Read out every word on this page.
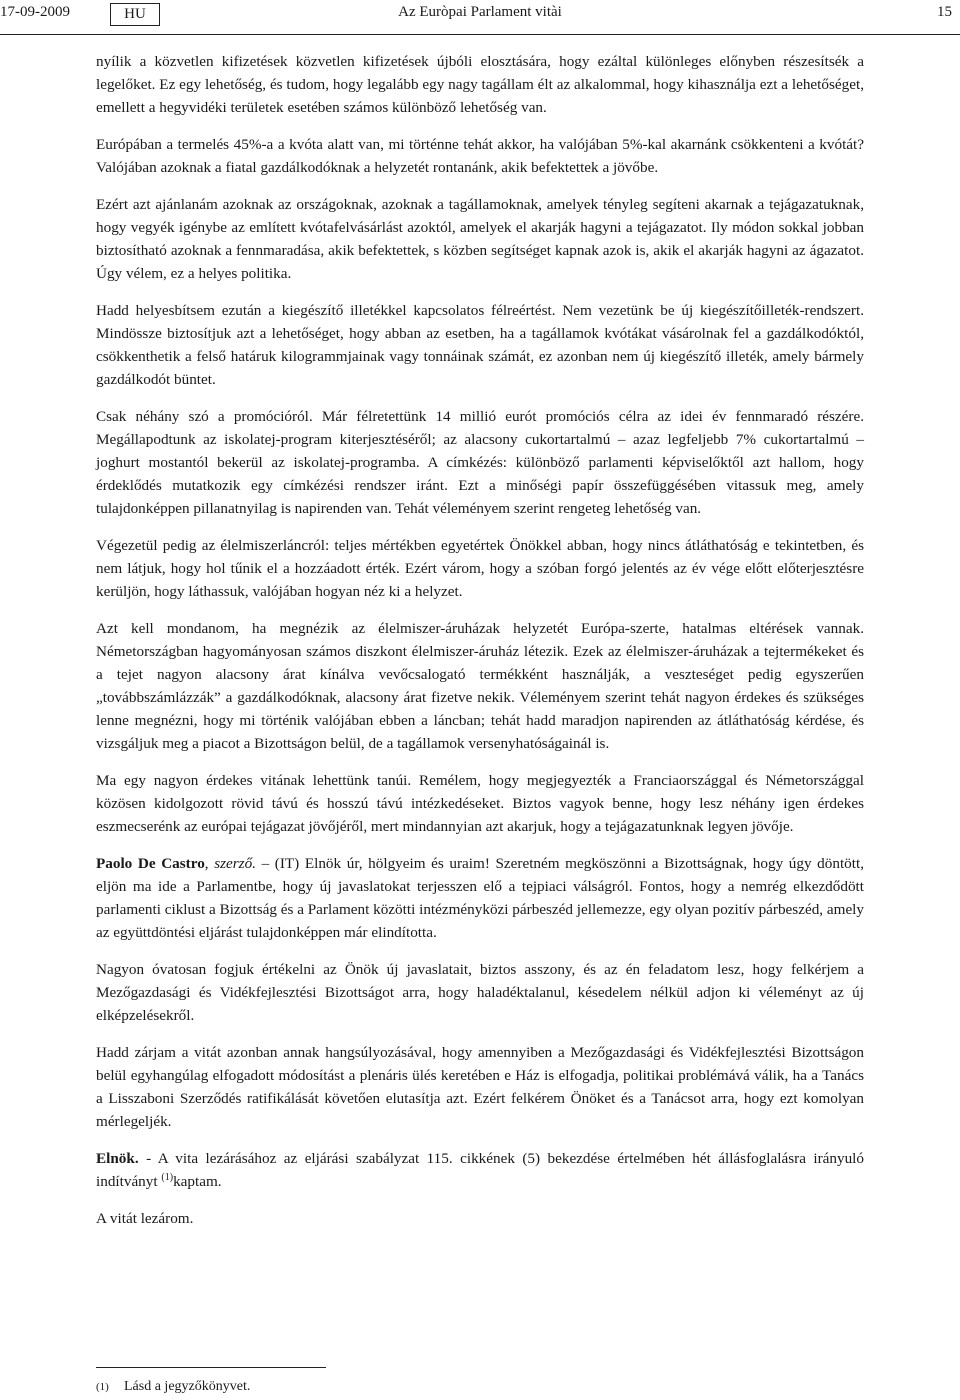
17-09-2009	HU	Az Euròpai Parlament vitài	15

nyílik a közvetlen kifizetések közvetlen kifizetések újbóli elosztására, hogy ezáltal különleges előnyben részesítsék a legelőket. Ez egy lehetőség, és tudom, hogy legalább egy nagy tagállam élt az alkalommal, hogy kihasználja ezt a lehetőséget, emellett a hegyvidéki területek esetében számos különböző lehetőség van.

Európában a termelés 45%-a a kvóta alatt van, mi történne tehát akkor, ha valójában 5%-kal akarnánk csökkenteni a kvótát? Valójában azoknak a fiatal gazdálkodóknak a helyzetét rontanánk, akik befektettek a jövőbe.

Ezért azt ajánlanám azoknak az országoknak, azoknak a tagállamoknak, amelyek tényleg segíteni akarnak a tejágazatuknak, hogy vegyék igénybe az említett kvótafelvásárlást azoktól, amelyek el akarják hagyni a tejágazatot. Ily módon sokkal jobban biztosítható azoknak a fennmaradása, akik befektettek, s közben segítséget kapnak azok is, akik el akarják hagyni az ágazatot. Úgy vélem, ez a helyes politika.

Hadd helyesbítsem ezután a kiegészítő illetékkel kapcsolatos félreértést. Nem vezetünk be új kiegészítőilleték-rendszert. Mindössze biztosítjuk azt a lehetőséget, hogy abban az esetben, ha a tagállamok kvótákat vásárolnak fel a gazdálkodóktól, csökkenthetik a felső határuk kilogrammjainak vagy tonnáinak számát, ez azonban nem új kiegészítő illeték, amely bármely gazdálkodót büntet.

Csak néhány szó a promócióról. Már félretettünk 14 millió eurót promóciós célra az idei év fennmaradó részére. Megállapodtunk az iskolatej-program kiterjesztéséről; az alacsony cukortartalmú – azaz legfeljebb 7% cukortartalmú – joghurt mostantól bekerül az iskolatej-programba. A címkézés: különböző parlamenti képviselőktől azt hallom, hogy érdeklődés mutatkozik egy címkézési rendszer iránt. Ezt a minőségi papír összefüggésében vitassuk meg, amely tulajdonképpen pillanatnyilag is napirenden van. Tehát véleményem szerint rengeteg lehetőség van.

Végezetül pedig az élelmiszerláncról: teljes mértékben egyetértek Önökkel abban, hogy nincs átláthatóság e tekintetben, és nem látjuk, hogy hol tűnik el a hozzáadott érték. Ezért várom, hogy a szóban forgó jelentés az év vége előtt előterjesztésre kerüljön, hogy láthassuk, valójában hogyan néz ki a helyzet.

Azt kell mondanom, ha megnézik az élelmiszer-áruházak helyzetét Európa-szerte, hatalmas eltérések vannak. Németországban hagyományosan számos diszkont élelmiszer-áruház létezik. Ezek az élelmiszer-áruházak a tejtermékeket és a tejet nagyon alacsony árat kínálva vevőcsalogató termékként használják, a veszteséget pedig egyszerűen „továbbszámlázzák” a gazdálkodóknak, alacsony árat fizetve nekik. Véleményem szerint tehát nagyon érdekes és szükséges lenne megnézni, hogy mi történik valójában ebben a láncban; tehát hadd maradjon napirenden az átláthatóság kérdése, és vizsgáljuk meg a piacot a Bizottságon belül, de a tagállamok versenyhatóságainál is.

Ma egy nagyon érdekes vitának lehettünk tanúi. Remélem, hogy megjegyezték a Franciaországgal és Németországgal közösen kidolgozott rövid távú és hosszú távú intézkedéseket. Biztos vagyok benne, hogy lesz néhány igen érdekes eszmecserénk az európai tejágazat jövőjéről, mert mindannyian azt akarjuk, hogy a tejágazatunknak legyen jövője.

Paolo De Castro, szerző. – (IT) Elnök úr, hölgyeim és uraim! Szeretném megköszönni a Bizottságnak, hogy úgy döntött, eljön ma ide a Parlamentbe, hogy új javaslatokat terjesszen elő a tejpiaci válságról. Fontos, hogy a nemrég elkezdődött parlamenti ciklust a Bizottság és a Parlament közötti intézményközi párbeszéd jellemezze, egy olyan pozitív párbeszéd, amely az együttdöntési eljárást tulajdonképpen már elindította.

Nagyon óvatosan fogjuk értékelni az Önök új javaslatait, biztos asszony, és az én feladatom lesz, hogy felkérjem a Mezőgazdasági és Vidékfejlesztési Bizottságot arra, hogy haladéktalanul, késedelem nélkül adjon ki véleményt az új elképzelésekről.

Hadd zárjam a vitát azonban annak hangsúlyozásával, hogy amennyiben a Mezőgazdasági és Vidékfejlesztési Bizottságon belül egyhangúlag elfogadott módosítást a plenáris ülés keretében e Ház is elfogadja, politikai problémává válik, ha a Tanács a Lisszaboni Szerződés ratifikálását követően elutasítja azt. Ezért felkérem Önöket és a Tanácsot arra, hogy ezt komolyan mérlegeljék.

Elnök. - A vita lezárásához az eljárási szabályzat 115. cikkének (5) bekezdése értelmében hét állásfoglalásra irányuló indítványt $^{(1)}$kaptam.

A vitát lezárom.

(1) Lásd a jegyzőkönyvet.
